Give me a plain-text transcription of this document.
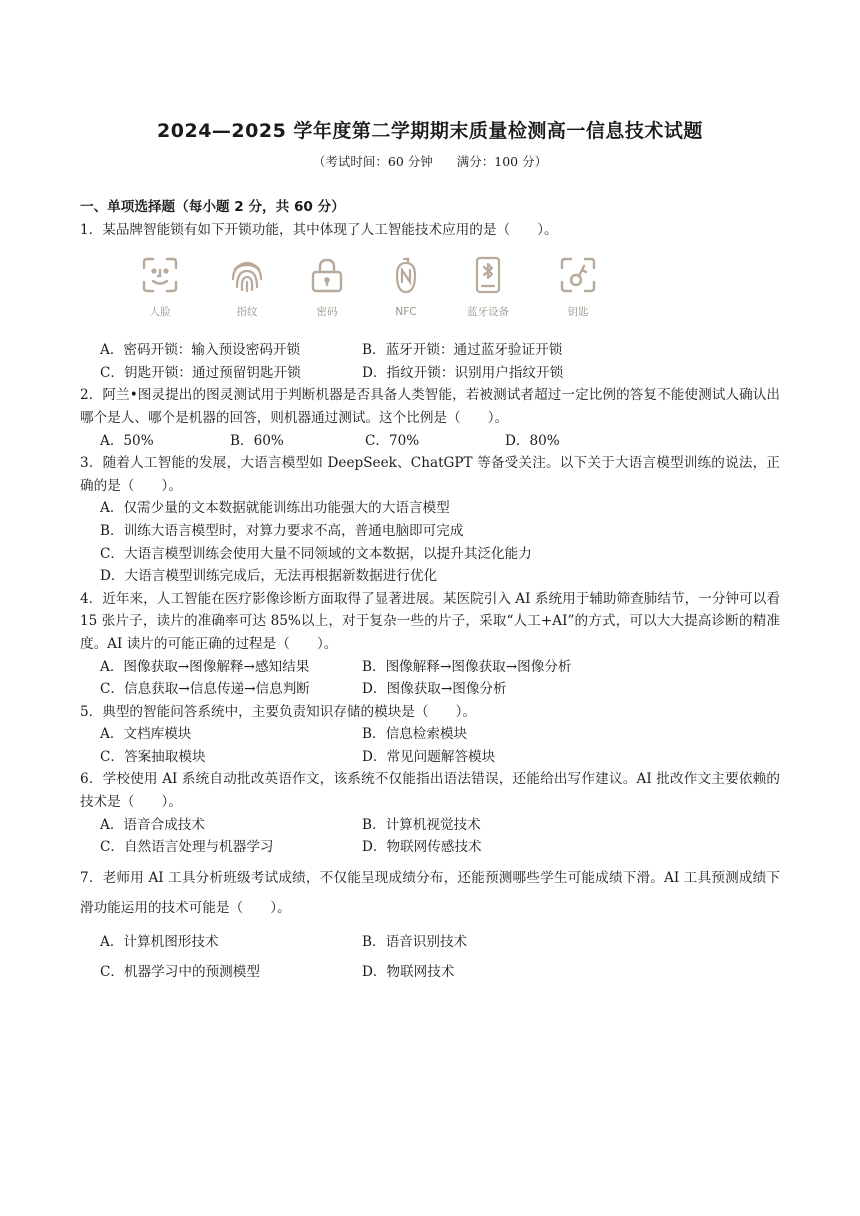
2024—2025 学年度第二学期期末质量检测高一信息技术试题
（考试时间：60 分钟 满分：100 分）
一、单项选择题（每小题 2 分，共 60 分）
1．某品牌智能锁有如下开锁功能，其中体现了人工智能技术应用的是（　　）。
人脸	指纹	密码	NFC	蓝牙设备	钥匙
A．密码开锁：输入预设密码开锁	B．蓝牙开锁：通过蓝牙验证开锁
C．钥匙开锁：通过预留钥匙开锁	D．指纹开锁：识别用户指纹开锁
2．阿兰•图灵提出的图灵测试用于判断机器是否具备人类智能，若被测试者超过一定比例的答复不能使测试人确认出哪个是人、哪个是机器的回答，则机器通过测试。这个比例是（　　）。
A．50%	B．60%	C．70%	D．80%
3．随着人工智能的发展，大语言模型如 DeepSeek、ChatGPT 等备受关注。以下关于大语言模型训练的说法，正确的是（　　）。
A．仅需少量的文本数据就能训练出功能强大的大语言模型
B．训练大语言模型时，对算力要求不高，普通电脑即可完成
C．大语言模型训练会使用大量不同领域的文本数据，以提升其泛化能力
D．大语言模型训练完成后，无法再根据新数据进行优化
4．近年来，人工智能在医疗影像诊断方面取得了显著进展。某医院引入 AI 系统用于辅助筛查肺结节，一分钟可以看 15 张片子，读片的准确率可达 85%以上，对于复杂一些的片子，采取“人工+AI”的方式，可以大大提高诊断的精准度。AI 读片的可能正确的过程是（　　）。
A．图像获取→图像解释→感知结果	B．图像解释→图像获取→图像分析
C．信息获取→信息传递→信息判断	D．图像获取→图像分析
5．典型的智能问答系统中，主要负责知识存储的模块是（　　）。
A．文档库模块	B．信息检索模块
C．答案抽取模块	D．常见问题解答模块
6．学校使用 AI 系统自动批改英语作文，该系统不仅能指出语法错误，还能给出写作建议。AI 批改作文主要依赖的技术是（　　）。
A．语音合成技术	B．计算机视觉技术
C．自然语言处理与机器学习	D．物联网传感技术
7．老师用 AI 工具分析班级考试成绩，不仅能呈现成绩分布，还能预测哪些学生可能成绩下滑。AI 工具预测成绩下滑功能运用的技术可能是（　　）。
A．计算机图形技术	B．语音识别技术
C．机器学习中的预测模型	D．物联网技术
